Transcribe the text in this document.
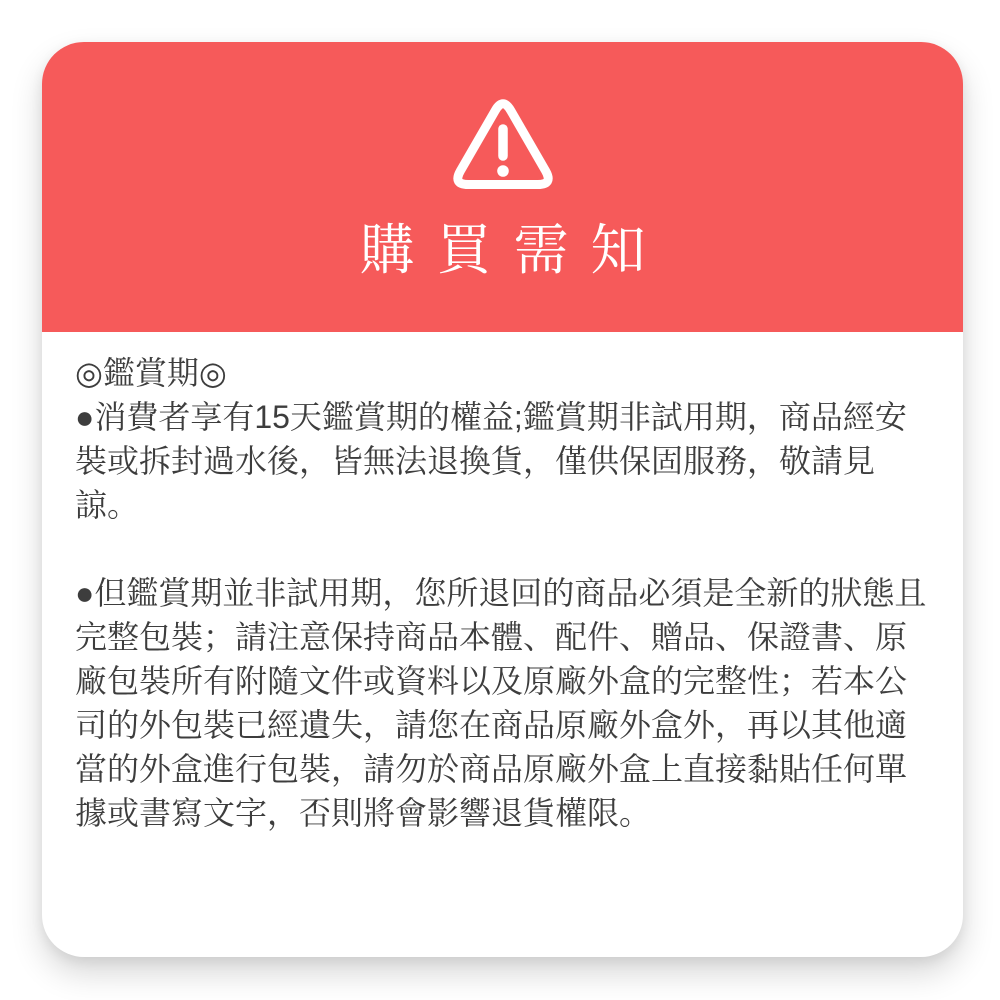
購買需知

◎鑑賞期◎

●消費者享有15天鑑賞期的權益;鑑賞期非試用期，商品經安裝或拆封過水後，皆無法退換貨，僅供保固服務，敬請見諒。

●但鑑賞期並非試用期，您所退回的商品必須是全新的狀態且完整包裝；請注意保持商品本體、配件、贈品、保證書、原廠包裝所有附隨文件或資料以及原廠外盒的完整性；若本公司的外包裝已經遺失，請您在商品原廠外盒外，再以其他適當的外盒進行包裝，請勿於商品原廠外盒上直接黏貼任何單據或書寫文字，否則將會影響退貨權限。
